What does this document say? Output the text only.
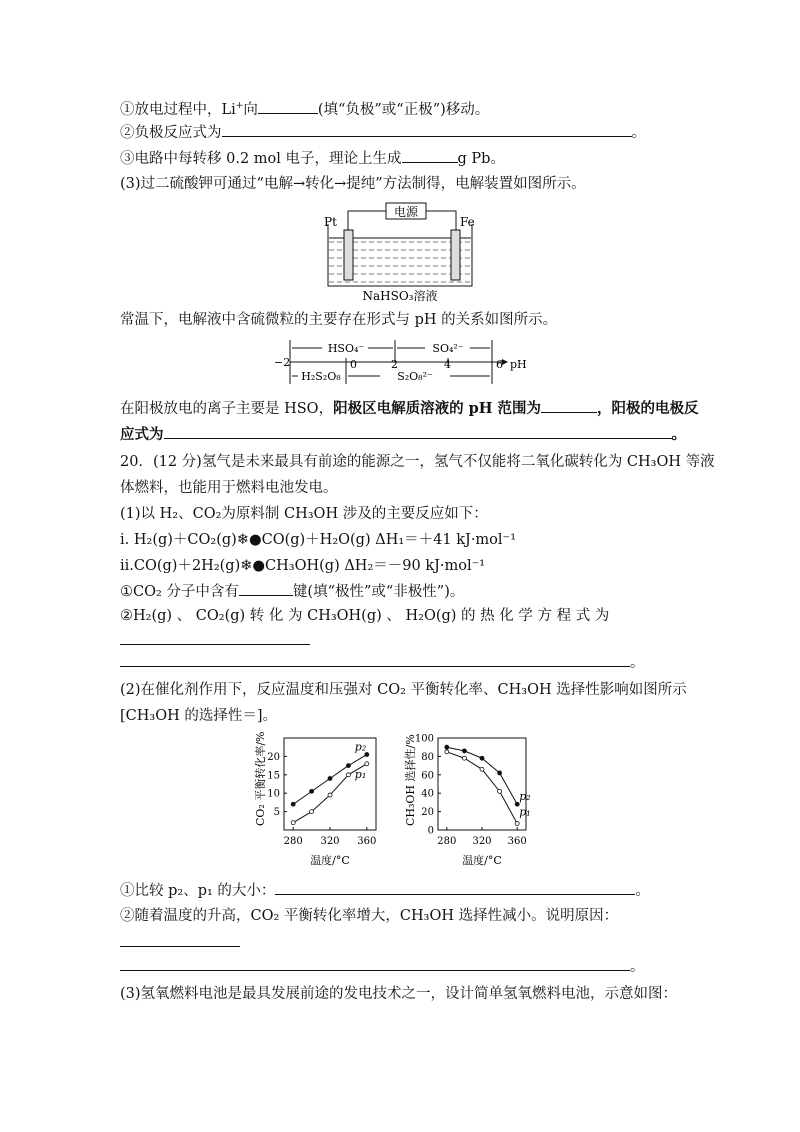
①放电过程中，Li+向	(填“负极”或“正极”)移动。
②负极反应式为	。
③电路中每转移 0.2 mol 电子，理论上生成	g Pb。
(3)过二硫酸钾可通过“电解→转化→提纯”方法制得，电解装置如图所示。
电源
Pt	Fe
NaHSO₃溶液
常温下，电解液中含硫微粒的主要存在形式与 pH 的关系如图所示。
HSO₄⁻	SO₄²⁻
H₂S₂O₈	S₂O₈²⁻
−2	0	2	4	6 pH
在阳极放电的离子主要是 HSO，阳极区电解质溶液的 pH 范围为	，阳极的电极反
应式为	。
20．(12 分)氢气是未来最具有前途的能源之一，氢气不仅能将二氧化碳转化为 CH₃OH 等液
体燃料，也能用于燃料电池发电。
(1)以 H₂、CO₂为原料制 CH₃OH 涉及的主要反应如下：
i. H₂(g)＋CO₂(g)❄●CO(g)＋H₂O(g) ΔH₁＝＋41 kJ·mol⁻¹
ii.CO(g)＋2H₂(g)❄●CH₃OH(g) ΔH₂＝－90 kJ·mol⁻¹
①CO₂ 分子中含有	键(填“极性”或“非极性”)。
②H₂(g) 、 CO₂(g) 转 化 为 CH₃OH(g) 、 H₂O(g) 的 热 化 学 方 程 式 为
。
(2)在催化剂作用下，反应温度和压强对 CO₂ 平衡转化率、CH₃OH 选择性影响如图所示
[CH₃OH 的选择性＝]。
280 320 360
5
10
15
20
p₂
p₁
CO₂ 平衡转化率/%
温度/°C
280 320 360
0
20
40
60
80
100
p₂
p₁
CH₃OH 选择性/%
温度/°C
①比较 p₂、p₁ 的大小：	。
②随着温度的升高，CO₂ 平衡转化率增大，CH₃OH 选择性减小。说明原因：
。
(3)氢氧燃料电池是最具发展前途的发电技术之一，设计简单氢氧燃料电池，示意如图：
